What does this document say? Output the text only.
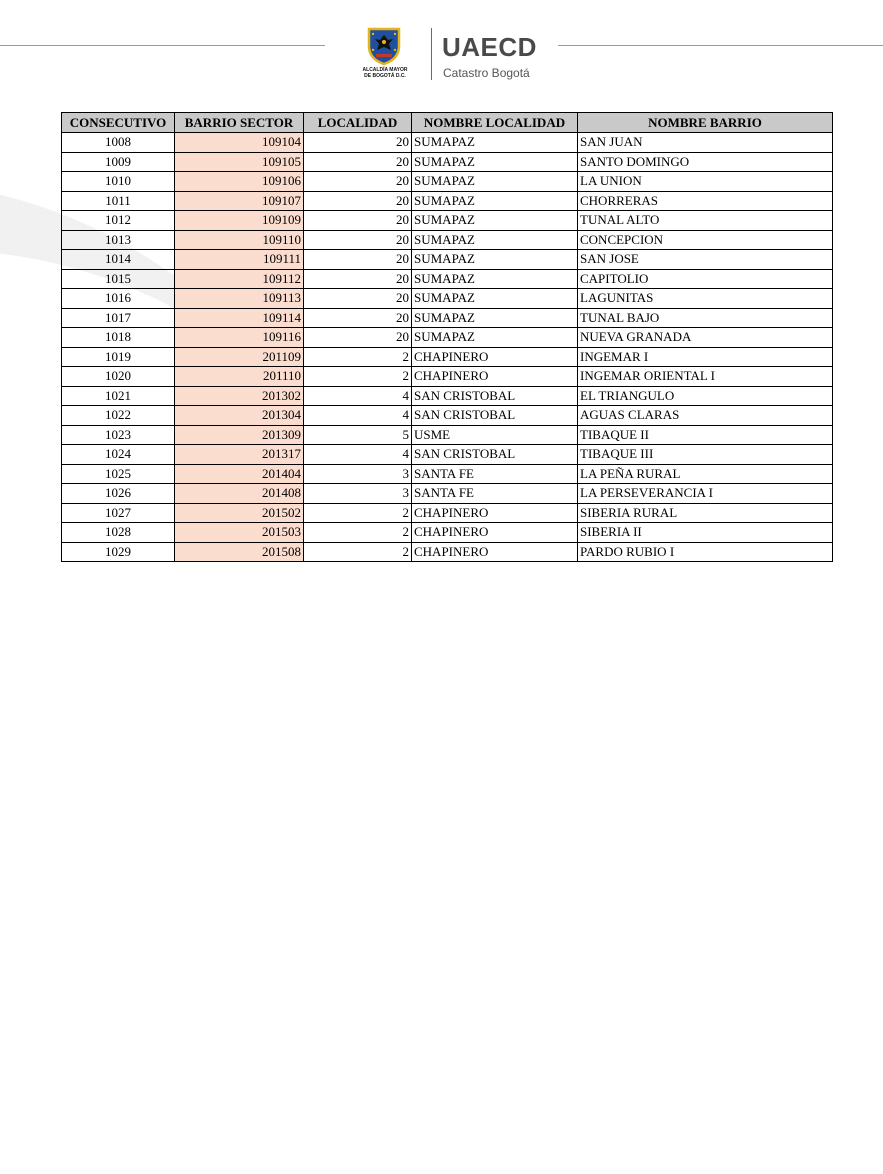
ALCALDÍA MAYOR
DE BOGOTÁ D.C.
UAECD
Catastro Bogotá
CONSECUTIVO	BARRIO SECTOR	LOCALIDAD	NOMBRE LOCALIDAD	NOMBRE BARRIO
1008	109104	20	SUMAPAZ	SAN JUAN
1009	109105	20	SUMAPAZ	SANTO DOMINGO
1010	109106	20	SUMAPAZ	LA UNION
1011	109107	20	SUMAPAZ	CHORRERAS
1012	109109	20	SUMAPAZ	TUNAL ALTO
1013	109110	20	SUMAPAZ	CONCEPCION
1014	109111	20	SUMAPAZ	SAN JOSE
1015	109112	20	SUMAPAZ	CAPITOLIO
1016	109113	20	SUMAPAZ	LAGUNITAS
1017	109114	20	SUMAPAZ	TUNAL BAJO
1018	109116	20	SUMAPAZ	NUEVA GRANADA
1019	201109	2	CHAPINERO	INGEMAR I
1020	201110	2	CHAPINERO	INGEMAR ORIENTAL I
1021	201302	4	SAN CRISTOBAL	EL TRIANGULO
1022	201304	4	SAN CRISTOBAL	AGUAS CLARAS
1023	201309	5	USME	TIBAQUE II
1024	201317	4	SAN CRISTOBAL	TIBAQUE III
1025	201404	3	SANTA FE	LA PEÑA RURAL
1026	201408	3	SANTA FE	LA PERSEVERANCIA I
1027	201502	2	CHAPINERO	SIBERIA RURAL
1028	201503	2	CHAPINERO	SIBERIA II
1029	201508	2	CHAPINERO	PARDO RUBIO I
